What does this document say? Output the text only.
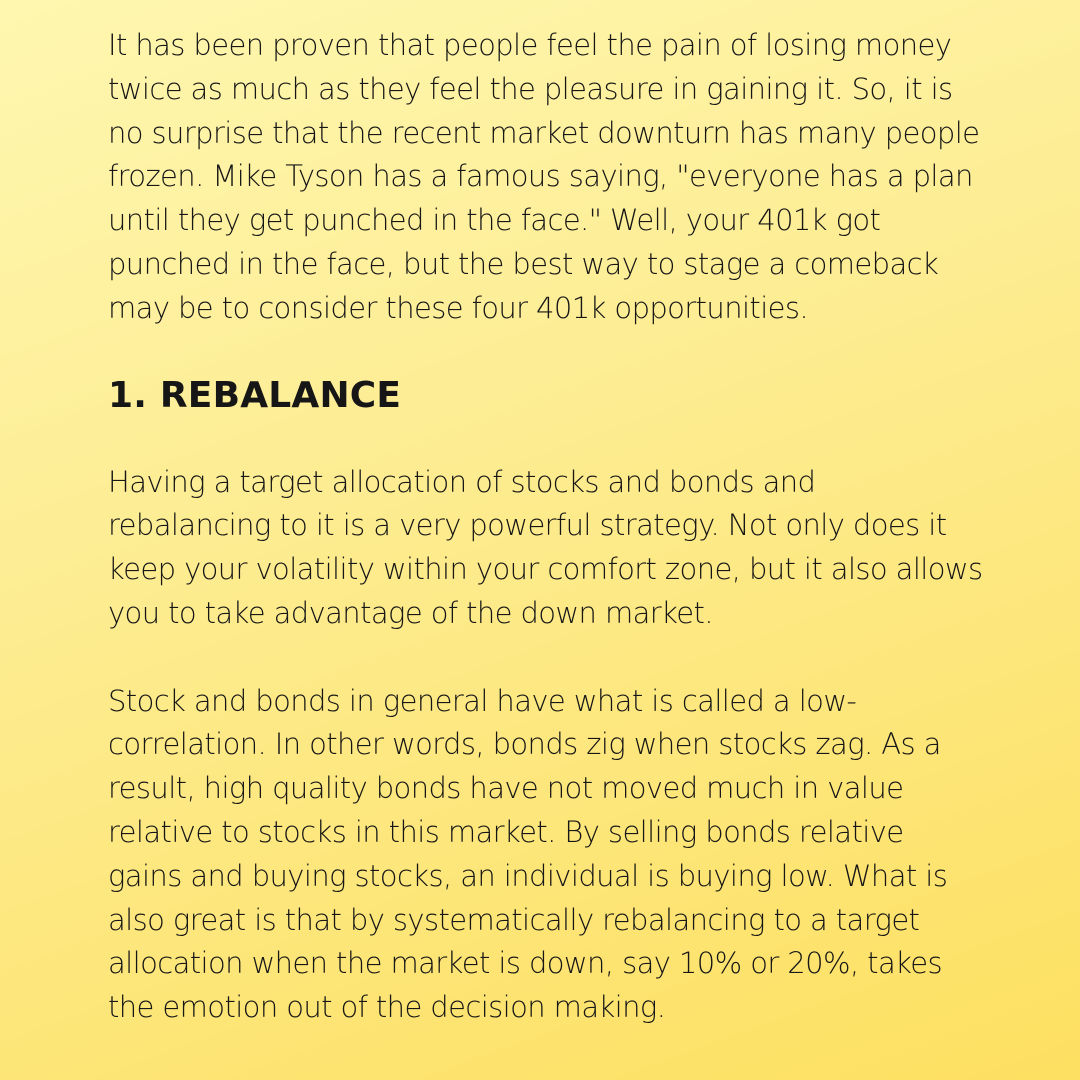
It has been proven that people feel the pain of losing money twice as much as they feel the pleasure in gaining it. So, it is no surprise that the recent market downturn has many people frozen. Mike Tyson has a famous saying, "everyone has a plan until they get punched in the face." Well, your 401k got punched in the face, but the best way to stage a comeback may be to consider these four 401k opportunities.

1. REBALANCE

Having a target allocation of stocks and bonds and rebalancing to it is a very powerful strategy. Not only does it keep your volatility within your comfort zone, but it also allows you to take advantage of the down market.

Stock and bonds in general have what is called a low-correlation. In other words, bonds zig when stocks zag. As a result, high quality bonds have not moved much in value relative to stocks in this market. By selling bonds relative gains and buying stocks, an individual is buying low. What is also great is that by systematically rebalancing to a target allocation when the market is down, say 10% or 20%, takes the emotion out of the decision making.
